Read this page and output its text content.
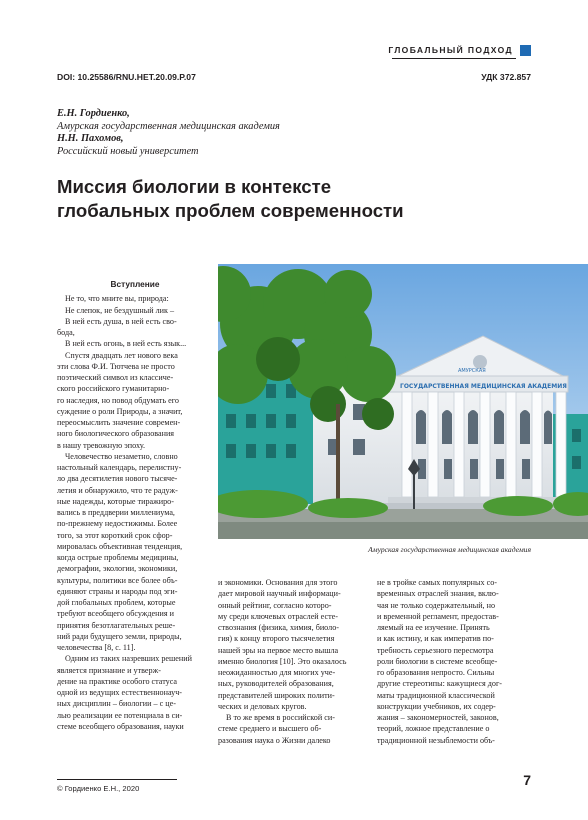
ГЛОБАЛЬНЫЙ ПОДХОД
DOI: 10.25586/RNU.HET.20.09.P.07	УДК 372.857
Е.Н. Гордиенко,
Амурская государственная медицинская академия
Н.Н. Пахомов,
Российский новый университет
Миссия биологии в контексте
глобальных проблем современности
Вступление
Не то, что мните вы, природа:
Не слепок, не бездушный лик –
В ней есть душа, в ней есть сво-
бода,
В ней есть огонь, в ней есть язык...
Спустя двадцать лет нового века
эти слова Ф.И. Тютчева не просто
поэтический символ из классиче-
ского российского гуманитарно-
го наследия, но повод обдумать его
суждение о роли Природы, а значит,
переосмыслить значение современ-
ного биологического образования
в нашу тревожную эпоху.
Человечество незаметно, словно
настольный календарь, перелистну-
ло два десятилетия нового тысяче-
летия и обнаружило, что те радуж-
ные надежды, которые тиражиро-
вались в преддверии миллениума,
по-прежнему недостижимы. Более
того, за этот короткий срок сфор-
мировалась объективная тенденция,
когда острые проблемы медицины,
демографии, экологии, экономики,
культуры, политики все более объ-
единяют страны и народы под эги-
дой глобальных проблем, которые
требуют всеобщего обсуждения и
принятия безотлагательных реше-
ний ради будущего земли, природы,
человечества [8, с. 11].
Одним из таких назревших решений
является признание и утверж-
дение на практике особого статуса
одной из ведущих естественнонауч-
ных дисциплин – биологии – с це-
лью реализации ее потенциала в си-
стеме всеобщего образования, науки
ГОСУДАРСТВЕННАЯ МЕДИЦИНСКАЯ АКАДЕМИЯ
АМУРСКАЯ
Амурская государственная медицинская академия
и экономики. Основания для этого
дает мировой научный информаци-
онный рейтинг, согласно которо-
му среди ключевых отраслей есте-
ствознания (физика, химия, биоло-
гия) к концу второго тысячелетия
нашей эры на первое место вышла
именно биология [10]. Это оказалось
неожиданностью для многих уче-
ных, руководителей образования,
представителей широких полити-
ческих и деловых кругов.
В то же время в российской си-
стеме среднего и высшего об-
разования наука о Жизни далеко
не в тройке самых популярных со-
временных отраслей знания, вклю-
чая не только содержательный, но
и временной регламент, предостав-
ляемый на ее изучение. Принять
и как истину, и как императив по-
требность серьезного пересмотра
роли биологии в системе всеобще-
го образования непросто. Сильны
другие стереотипы: кажущиеся дог-
маты традиционной классической
конструкции учебников, их содер-
жания – закономерностей, законов,
теорий, ложное представление о
традиционной незыблемости объ-
© Гордиенко Е.Н., 2020
7
